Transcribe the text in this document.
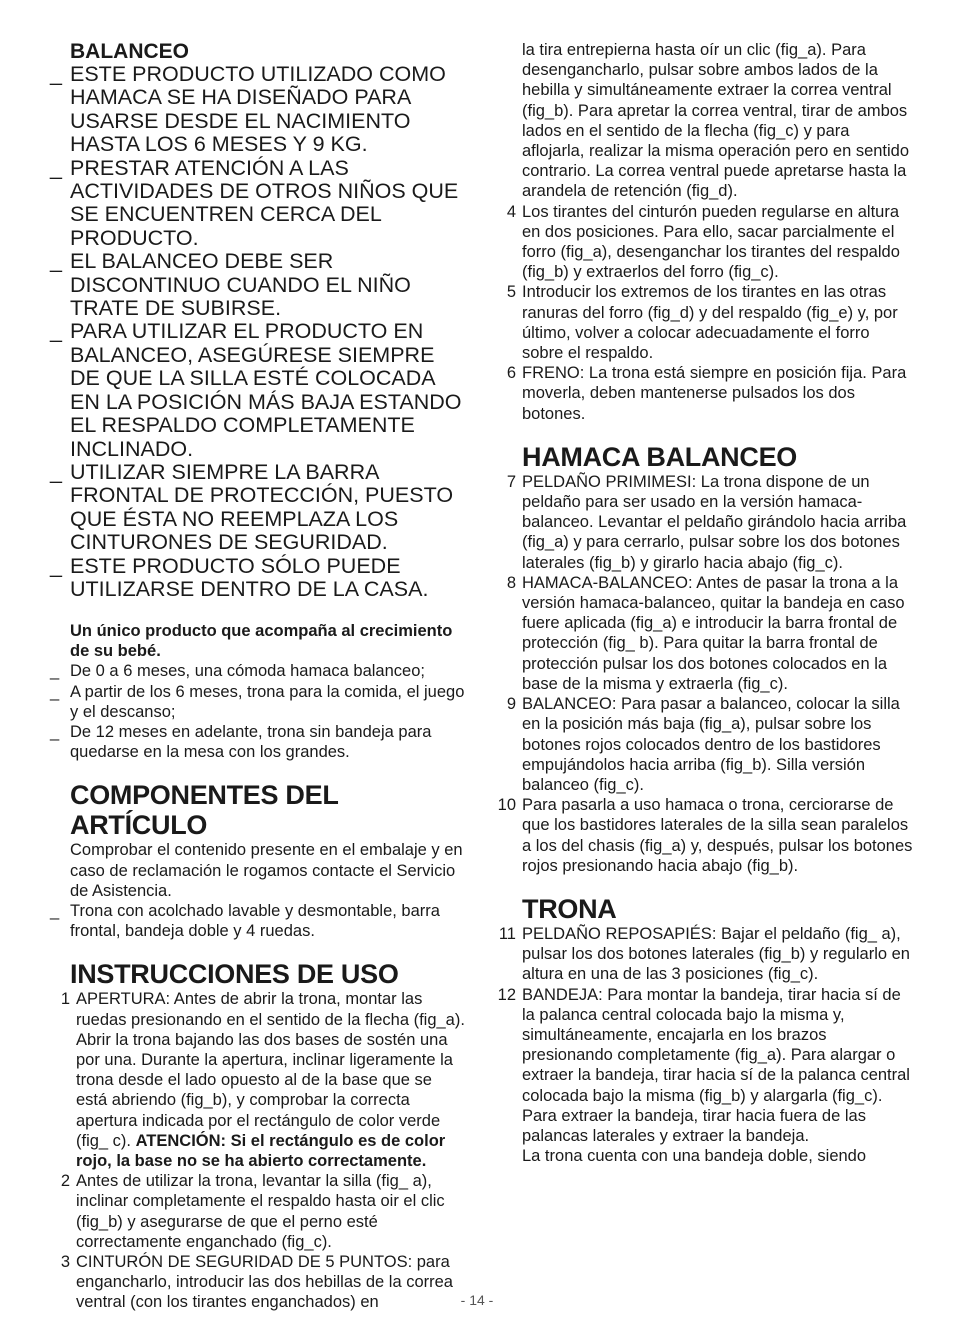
BALANCEO
_ ESTE PRODUCTO UTILIZADO COMO HAMACA SE HA DISEÑADO PARA USARSE DESDE EL NACIMIENTO HASTA LOS 6 MESES Y 9 KG.
_ PRESTAR ATENCIÓN A LAS ACTIVIDADES DE OTROS NIÑOS QUE SE ENCUENTREN CERCA DEL PRODUCTO.
_ EL BALANCEO DEBE SER DISCONTINUO CUANDO EL NIÑO TRATE DE SUBIRSE.
_ PARA UTILIZAR EL PRODUCTO EN BALANCEO, ASEGÚRESE SIEMPRE DE QUE LA SILLA ESTÉ COLOCADA EN LA POSICIÓN MÁS BAJA ESTANDO EL RESPALDO COMPLETAMENTE INCLINADO.
_ UTILIZAR SIEMPRE LA BARRA FRONTAL DE PROTECCIÓN, PUESTO QUE ÉSTA NO REEMPLAZA LOS CINTURONES DE SEGURIDAD.
_ ESTE PRODUCTO SÓLO PUEDE UTILIZARSE DENTRO DE LA CASA.
Un único producto que acompaña al crecimiento de su bebé.
_ De 0 a 6 meses, una cómoda hamaca balanceo;
_ A partir de los 6 meses, trona para la comida, el juego y el descanso;
_ De 12 meses en adelante, trona sin bandeja para quedarse en la mesa con los grandes.
COMPONENTES DEL ARTÍCULO
Comprobar el contenido presente en el embalaje y en caso de reclamación le rogamos contacte el Servicio de Asistencia.
_ Trona con acolchado lavable y desmontable, barra frontal, bandeja doble y 4 ruedas.
INSTRUCCIONES DE USO
1 APERTURA: Antes de abrir la trona, montar las ruedas presionando en el sentido de la flecha (fig_a). Abrir la trona bajando las dos bases de sostén una por una. Durante la apertura, inclinar ligeramente la trona desde el lado opuesto al de la base que se está abriendo (fig_b), y comprobar la correcta apertura indicada por el rectángulo de color verde (fig_ c). ATENCIÓN: Si el rectángulo es de color rojo, la base no se ha abierto correctamente.
2 Antes de utilizar la trona, levantar la silla (fig_ a), inclinar completamente el respaldo hasta oir el clic (fig_b) y asegurarse de que el perno esté correctamente enganchado (fig_c).
3 CINTURÓN DE SEGURIDAD DE 5 PUNTOS: para engancharlo, introducir las dos hebillas de la correa ventral (con los tirantes enganchados) en
la tira entrepierna hasta oír un clic (fig_a). Para desengancharlo, pulsar sobre ambos lados de la hebilla y simultáneamente extraer la correa ventral (fig_b). Para apretar la correa ventral, tirar de ambos lados en el sentido de la flecha (fig_c) y para aflojarla, realizar la misma operación pero en sentido contrario. La correa ventral puede apretarse hasta la arandela de retención (fig_d).
4 Los tirantes del cinturón pueden regularse en altura en dos posiciones. Para ello, sacar parcialmente el forro (fig_a), desenganchar los tirantes del respaldo (fig_b) y extraerlos del forro (fig_c).
5 Introducir los extremos de los tirantes en las otras ranuras del forro (fig_d) y del respaldo (fig_e) y, por último, volver a colocar adecuadamente el forro sobre el respaldo.
6 FRENO: La trona está siempre en posición fija. Para moverla, deben mantenerse pulsados los dos botones.
HAMACA BALANCEO
7 PELDAÑO PRIMIMESI: La trona dispone de un peldaño para ser usado en la versión hamaca-balanceo. Levantar el peldaño girándolo hacia arriba (fig_a) y para cerrarlo, pulsar sobre los dos botones laterales (fig_b) y girarlo hacia abajo (fig_c).
8 HAMACA-BALANCEO: Antes de pasar la trona a la versión hamaca-balanceo, quitar la bandeja en caso fuere aplicada (fig_a) e introducir la barra frontal de protección (fig_ b). Para quitar la barra frontal de protección pulsar los dos botones colocados en la base de la misma y extraerla (fig_c).
9 BALANCEO: Para pasar a balanceo, colocar la silla en la posición más baja (fig_a), pulsar sobre los botones rojos colocados dentro de los bastidores empujándolos hacia arriba (fig_b). Silla versión balanceo (fig_c).
10 Para pasarla a uso hamaca o trona, cerciorarse de que los bastidores laterales de la silla sean paralelos a los del chasis (fig_a) y, después, pulsar los botones rojos presionando hacia abajo (fig_b).
TRONA
11 PELDAÑO REPOSAPIÉS: Bajar el peldaño (fig_ a), pulsar los dos botones laterales (fig_b) y regularlo en altura en una de las 3 posiciones (fig_c).
12 BANDEJA: Para montar la bandeja, tirar hacia sí de la palanca central colocada bajo la misma y, simultáneamente, encajarla en los brazos presionando completamente (fig_a). Para alargar o extraer la bandeja, tirar hacia sí de la palanca central colocada bajo la misma (fig_b) y alargarla (fig_c).
Para extraer la bandeja, tirar hacia fuera de las palancas laterales y extraer la bandeja.
La trona cuenta con una bandeja doble, siendo
- 14 -
